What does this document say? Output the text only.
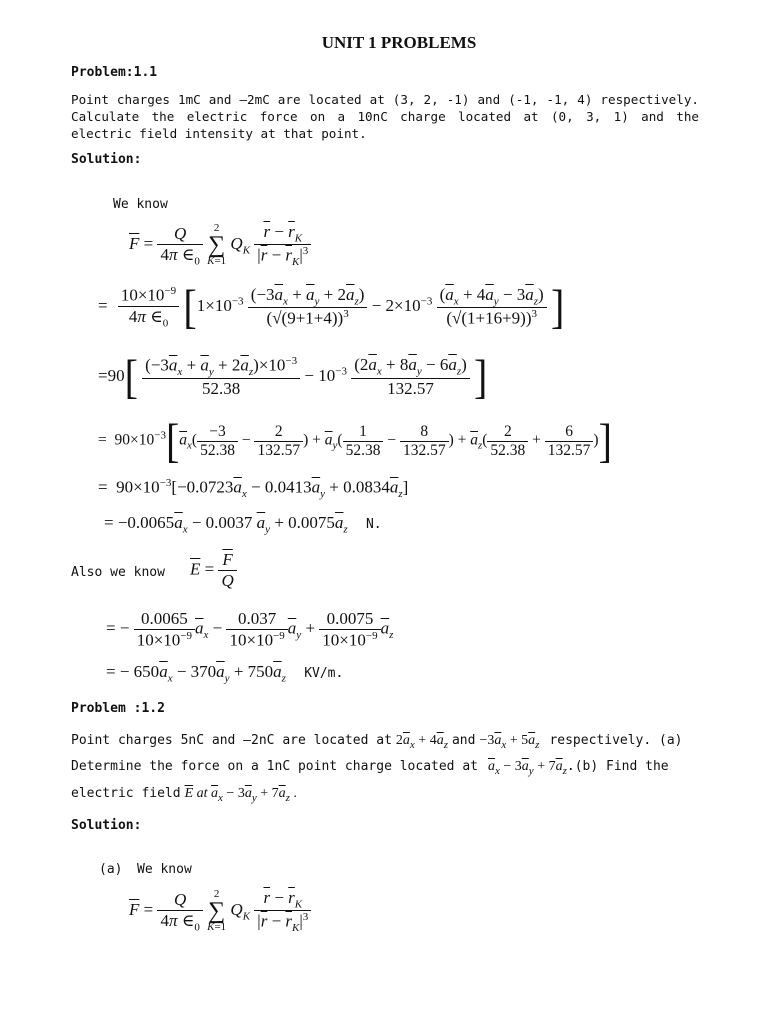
UNIT 1 PROBLEMS
Problem:1.1
Point charges 1mC and –2mC are located at (3, 2, -1) and (-1, -1, 4) respectively. Calculate the electric force on a 10nC charge located at (0, 3, 1) and the electric field intensity at that point.
Solution:
We know
$\overline{F} = \frac{Q}{4\pi \in_0} 2$
∑
K=1 $Q_K \frac{\overline{r} - \overline{r}_K}{|\overline{r} - \overline{r}_K|^3}$
= $\frac{10\times 10^{-9}}{4\pi \in_0} [1\times 10^{-3} \frac{(-3\overline{a}_x + \overline{a}_y + 2\overline{a}_z)}{(√(9+1+4))^3} - 2\times 10^{-3} \frac{(\overline{a}_x + 4\overline{a}_y - 3\overline{a}_z)}{(√(1+16+9))^3}$ ]
$=90[ \frac{(-3\overline{a}_x + \overline{a}_y + 2\overline{a}_z)\times 10^{-3}}{52.38} - 10^{-3} \frac{(2\overline{a}_x + 8\overline{a}_y - 6\overline{a}_z)}{132.57}$ ]
=  $90\times 10^{-3}[\overline{a}_x( \frac{-3}{52.38} - \frac{2}{132.57}$ ) + $\overline{a}_y( \frac{1}{52.38} - \frac{8}{132.57}$ ) + $\overline{a}_z( \frac{2}{52.38} + \frac{6}{132.57}$ )]
=  $90\times 10^{-3}[-0.0723\overline{a}_x - 0.0413\overline{a}_y + 0.0834\overline{a}_z]$
= $-0.0065\overline{a}_x - 0.0037$ $\overline{a}_y + 0.0075\overline{a}_z$ N.
Also we know $\overline{E} = \frac{\overline{F}}{Q}$
= − $\frac{0.0065}{10\times 10^{-9}} \overline{a}_x - \frac{0.037}{10\times 10^{-9}} \overline{a}_y + \frac{0.0075}{10\times 10^{-9}} \overline{a}_z$
= − $650\overline{a}_x - 370\overline{a}_y + 750\overline{a}_z$ KV/m.
Problem :1.2
Point charges 5nC and –2nC are located at $2\overline{a}_x + 4\overline{a}_z$ and $-3\overline{a}_x + 5\overline{a}_z$ respectively. (a)
Determine the force on a 1nC point charge located at $\overline{a}_x - 3\overline{a}_y + 7\overline{a}_z.(b)$ Find the
electric field $\overline{E}$ at $\overline{a}_x - 3\overline{a}_y + 7\overline{a}_z$ .
Solution:
(a) We know
$\overline{F} = \frac{Q}{4\pi \in_0} 2$
∑
K=1 $Q_K \frac{\overline{r} - \overline{r}_K}{|\overline{r} - \overline{r}_K|^3}$
